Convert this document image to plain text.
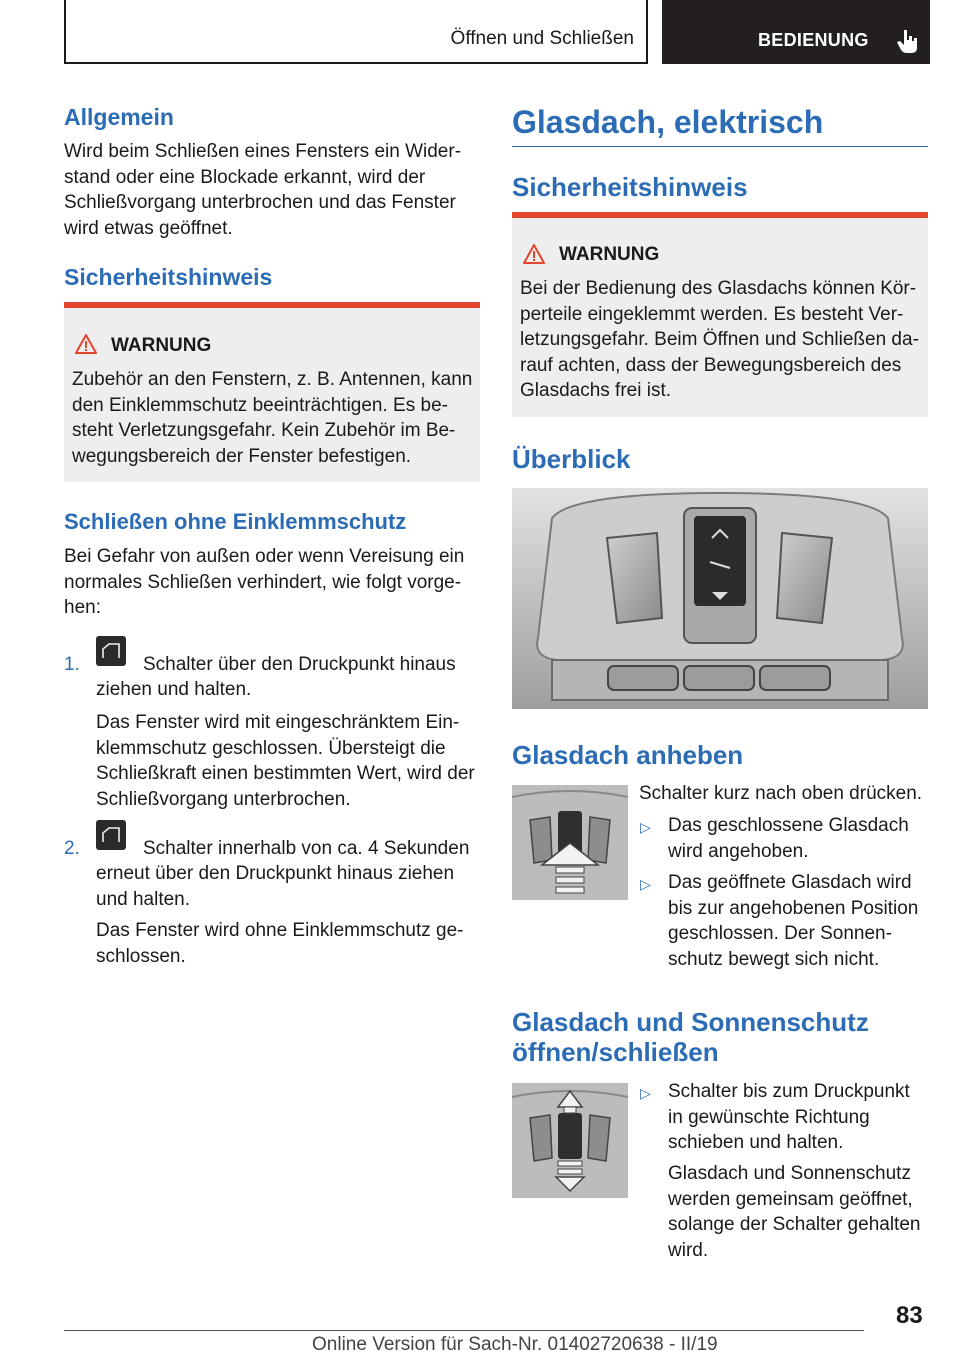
Öffnen und Schließen	BEDIENUNG
Allgemein
Wird beim Schließen eines Fensters ein Wider-
stand oder eine Blockade erkannt, wird der
Schließvorgang unterbrochen und das Fenster
wird etwas geöffnet.
Sicherheitshinweis
WARNUNG
Zubehör an den Fenstern, z. B. Antennen, kann
den Einklemmschutz beeinträchtigen. Es be-
steht Verletzungsgefahr. Kein Zubehör im Be-
wegungsbereich der Fenster befestigen.
Schließen ohne Einklemmschutz
Bei Gefahr von außen oder wenn Vereisung ein
normales Schließen verhindert, wie folgt vorge-
hen:
1.	Schalter über den Druckpunkt hinaus
ziehen und halten.
Das Fenster wird mit eingeschränktem Ein-
klemmschutz geschlossen. Übersteigt die
Schließkraft einen bestimmten Wert, wird der
Schließvorgang unterbrochen.
2.	Schalter innerhalb von ca. 4 Sekunden
erneut über den Druckpunkt hinaus ziehen
und halten.
Das Fenster wird ohne Einklemmschutz ge-
schlossen.
Glasdach, elektrisch
Sicherheitshinweis
WARNUNG
Bei der Bedienung des Glasdachs können Kör-
perteile eingeklemmt werden. Es besteht Ver-
letzungsgefahr. Beim Öffnen und Schließen da-
rauf achten, dass der Bewegungsbereich des
Glasdachs frei ist.
Überblick
Glasdach anheben
Schalter kurz nach oben drücken.
▷ Das geschlossene Glasdach
wird angehoben.
▷ Das geöffnete Glasdach wird
bis zur angehobenen Position
geschlossen. Der Sonnen-
schutz bewegt sich nicht.
Glasdach und Sonnenschutz
öffnen/schließen
▷ Schalter bis zum Druckpunkt
in gewünschte Richtung
schieben und halten.
Glasdach und Sonnenschutz
werden gemeinsam geöffnet,
solange der Schalter gehalten
wird.
83
Online Version für Sach-Nr. 01402720638 - II/19
